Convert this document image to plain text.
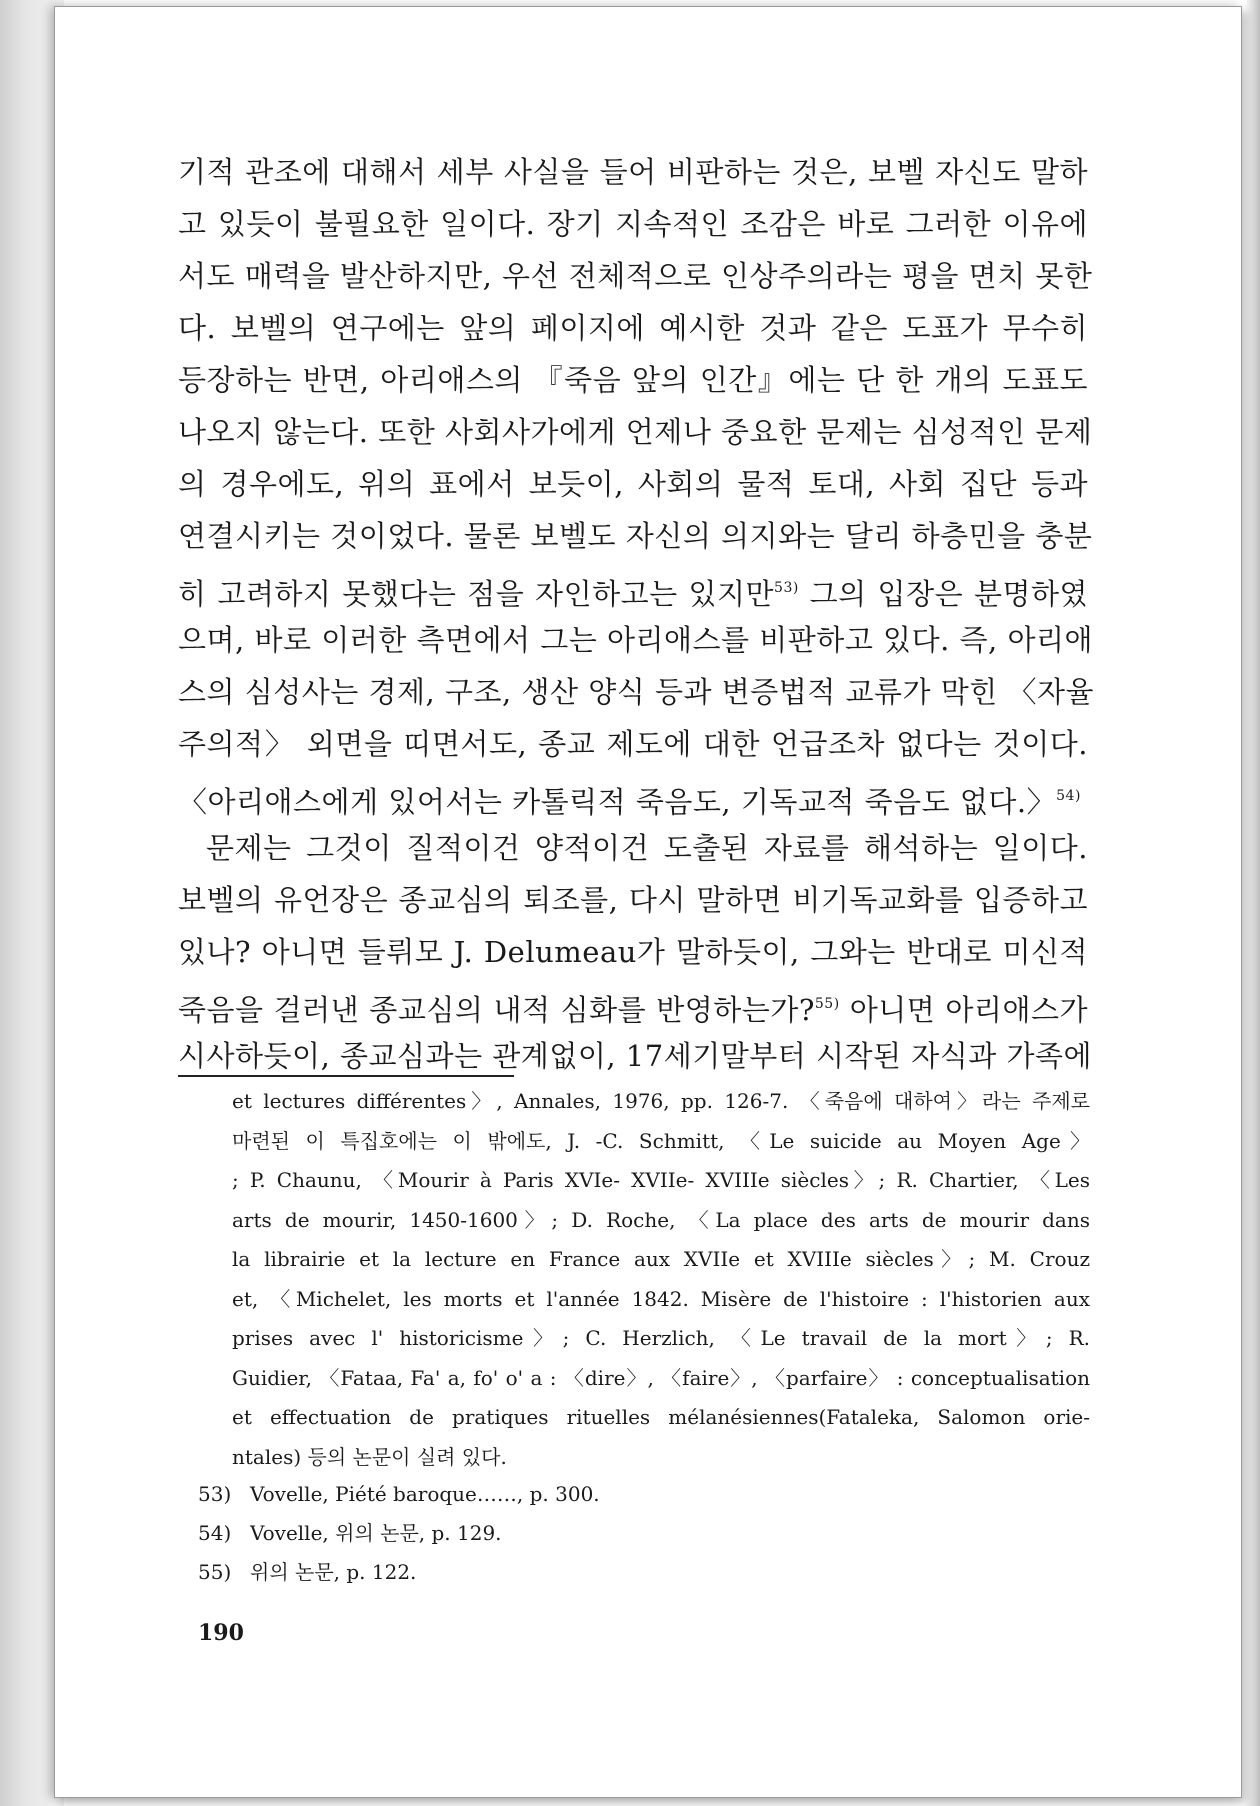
기적 관조에 대해서 세부 사실을 들어 비판하는 것은, 보벨 자신도 말하
고 있듯이 불필요한 일이다. 장기 지속적인 조감은 바로 그러한 이유에
서도 매력을 발산하지만, 우선 전체적으로 인상주의라는 평을 면치 못한
다. 보벨의 연구에는 앞의 페이지에 예시한 것과 같은 도표가 무수히
등장하는 반면, 아리애스의 『죽음 앞의 인간』에는 단 한 개의 도표도
나오지 않는다. 또한 사회사가에게 언제나 중요한 문제는 심성적인 문제
의 경우에도, 위의 표에서 보듯이, 사회의 물적 토대, 사회 집단 등과
연결시키는 것이었다. 물론 보벨도 자신의 의지와는 달리 하층민을 충분
히 고려하지 못했다는 점을 자인하고는 있지만$^{53)}$ 그의 입장은 분명하였
으며, 바로 이러한 측면에서 그는 아리애스를 비판하고 있다. 즉, 아리애
스의 심성사는 경제, 구조, 생산 양식 등과 변증법적 교류가 막힌 〈자율
주의적〉 외면을 띠면서도, 종교 제도에 대한 언급조차 없다는 것이다.
〈아리애스에게 있어서는 카톨릭적 죽음도, 기독교적 죽음도 없다.〉$^{54)}$
문제는 그것이 질적이건 양적이건 도출된 자료를 해석하는 일이다.
보벨의 유언장은 종교심의 퇴조를, 다시 말하면 비기독교화를 입증하고
있나? 아니면 들뤼모 J. Delumeau가 말하듯이, 그와는 반대로 미신적
죽음을 걸러낸 종교심의 내적 심화를 반영하는가?$^{55)}$ 아니면 아리애스가
시사하듯이, 종교심과는 관계없이, 17세기말부터 시작된 자식과 가족에
et lectures différentes〉, Annales, 1976, pp. 126-7. 〈죽음에 대하여〉라는 주제로
마련된 이 특집호에는 이 밖에도, J. -C. Schmitt, 〈Le suicide au Moyen Age〉
; P. Chaunu, 〈Mourir à Paris XVIe- XVIIe- XVIIIe siècles〉; R. Chartier, 〈Les
arts de mourir, 1450-1600〉; D. Roche, 〈La place des arts de mourir dans
la librairie et la lecture en France aux XVIIe et XVIIIe siècles〉; M. Crouz
et, 〈Michelet, les morts et l'année 1842. Misère de l'histoire : l'historien aux
prises avec l' historicisme〉; C. Herzlich, 〈Le travail de la mort〉; R.
Guidier, 〈Fataa, Fa' a, fo' o' a : 〈dire〉, 〈faire〉, 〈parfaire〉 : conceptualisation
et effectuation de pratiques rituelles mélanésiennes(Fataleka, Salomon orie-
ntales) 등의 논문이 실려 있다.
53) Vovelle, Piété baroque……, p. 300.
54) Vovelle, 위의 논문, p. 129.
55) 위의 논문, p. 122.
190
